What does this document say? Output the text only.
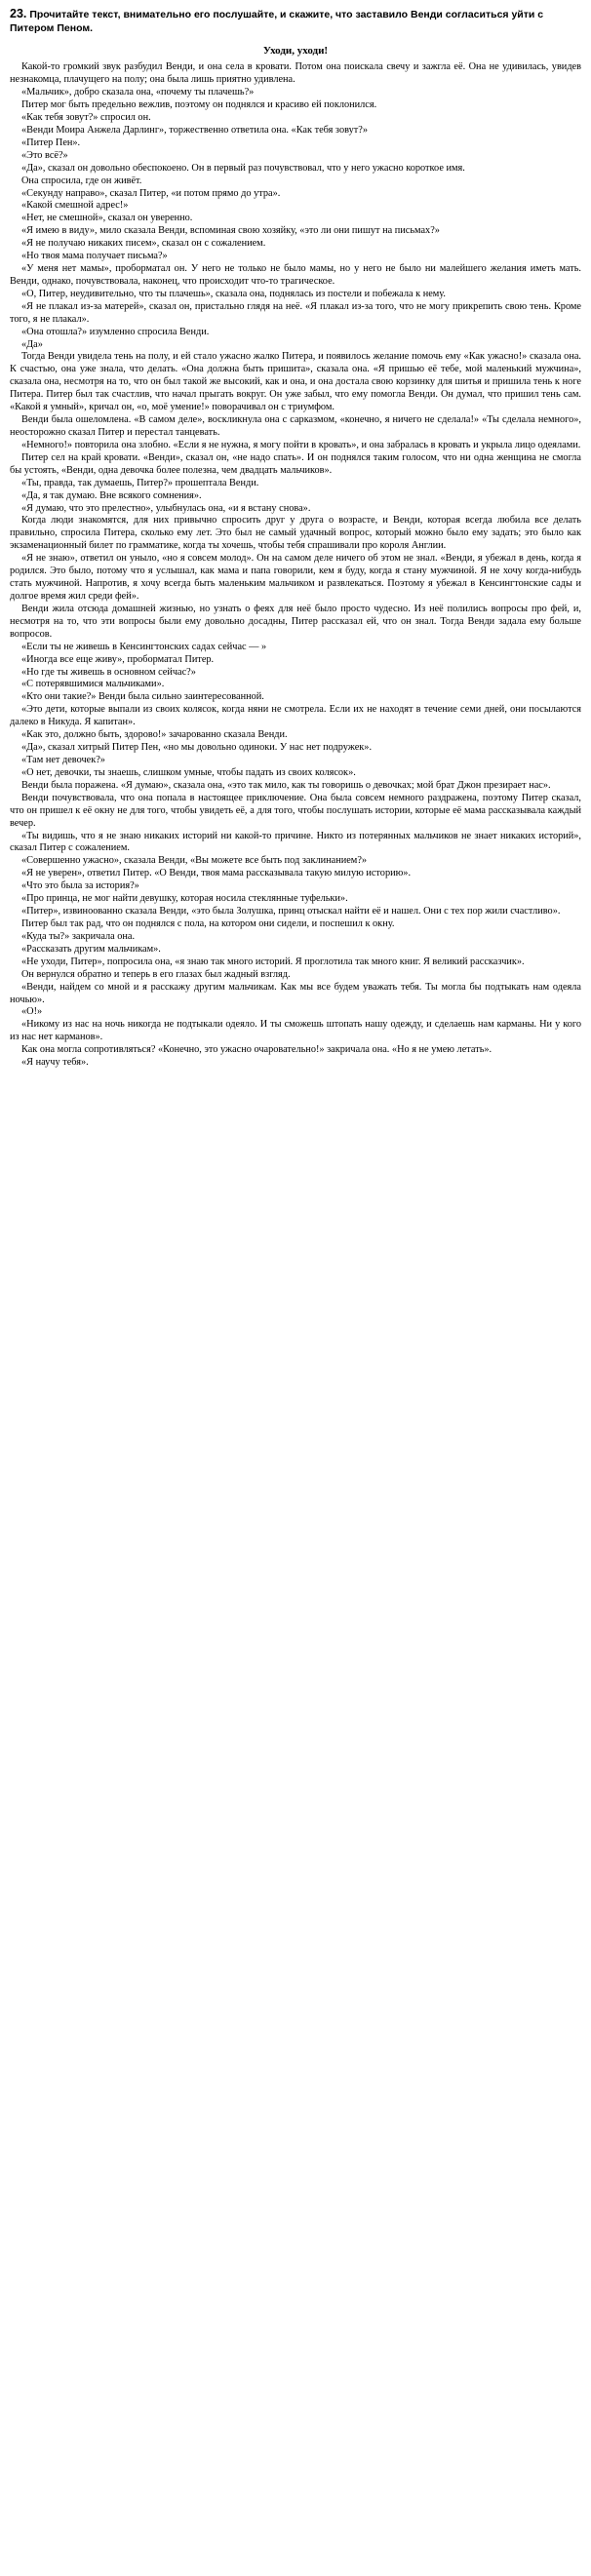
23. Прочитайте текст, внимательно его послушайте, и скажите, что заставило Венди согласиться уйти с Питером Пеном.
Уходи, уходи!

Какой-то громкий звук разбудил Венди, и она села в кровати. Потом она поискала свечу и зажгла её. Она не удивилась, увидев незнакомца, плачущего на полу; она была лишь приятно удивлена.

«Мальчик», добро сказала она, «почему ты плачешь?»

Питер мог быть предельно вежлив, поэтому он поднялся и красиво ей поклонился.

«Как тебя зовут?» спросил он.

«Венди Моира Анжела Дарлинг», торжественно ответила она. «Как тебя зовут?»

«Питер Пен».

«Это всё?»

«Да», сказал он довольно обеспокоено. Он в первый раз почувствовал, что у него ужасно короткое имя.

Она спросила, где он живёт.

«Секунду направо», сказал Питер, «и потом прямо до утра».

«Какой смешной адрес!»

«Нет, не смешной», сказал он уверенно.

«Я имею в виду», мило сказала Венди, вспоминая свою хозяйку, «это ли они пишут на письмах?»

«Я не получаю никаких писем», сказал он с сожалением.

«Но твоя мама получает письма?»

«У меня нет мамы», проборматал он. У него не только не было мамы, но у него не было ни малейшего желания иметь мать. Венди, однако, почувствовала, наконец, что происходит что-то трагическое.

«О, Питер, неудивительно, что ты плачешь», сказала она, поднялась из постели и побежала к нему.

«Я не плакал из-за матерей», сказал он, пристально глядя на неё. «Я плакал из-за того, что не могу прикрепить свою тень. Кроме того, я не плакал».

«Она отошла?» изумленно спросила Венди.

«Да»

Тогда Венди увидела тень на полу, и ей стало ужасно жалко Питера, и появилось желание помочь ему «Как ужасно!» сказала она. К счастью, она уже знала, что делать. «Она должна быть пришита», сказала она. «Я пришью её тебе, мой маленький мужчина», сказала она, несмотря на то, что он был такой же высокий, как и она, и она достала свою корзинку для шитья и пришила тень к ноге Питера. Питер был так счастлив, что начал прыгать вокруг. Он уже забыл, что ему помогла Венди. Он думал, что пришил тень сам. «Какой я умный», кричал он, «о, моё умение!» поворачивал он с триумфом.

Венди была ошеломлена. «В самом деле», воскликнула она с сарказмом, «конечно, я ничего не сделала!» «Ты сделала немного», неосторожно сказал Питер и перестал танцевать.

«Немного!» повторила она злобно. «Если я не нужна, я могу пойти в кровать», и она забралась в кровать и укрыла лицо одеялами.

Питер сел на край кровати. «Венди», сказал он, «не надо спать». И он поднялся таким голосом, что ни одна женщина не смогла бы устоять, «Венди, одна девочка более полезна, чем двадцать мальчиков».

«Ты, правда, так думаешь, Питер?» прошептала Венди.

«Да, я так думаю. Вне всякого сомнения».

«Я думаю, что это прелестно», улыбнулась она, «и я встану снова».

Когда люди знакомятся, для них привычно спросить друг у друга о возрасте, и Венди, которая всегда любила все делать правильно, спросила Питера, сколько ему лет. Это был не самый удачный вопрос, который можно было ему задать; это было как экзаменационный билет по грамматике, когда ты хочешь, чтобы тебя спрашивали про короля Англии.

«Я не знаю», ответил он уныло, «но я совсем молод». Он на самом деле ничего об этом не знал. «Венди, я убежал в день, когда я родился. Это было, потому что я услышал, как мама и папа говорили, кем я буду, когда я стану мужчиной. Я не хочу когда-нибудь стать мужчиной. Напротив, я хочу всегда быть маленьким мальчиком и развлекаться. Поэтому я убежал в Кенсингтонские сады и долгое время жил среди фей».

Венди жила отсюда домашней жизнью, но узнать о феях для неё было просто чудесно. Из неё полились вопросы про фей, и, несмотря на то, что эти вопросы были ему довольно досадны, Питер рассказал ей, что он знал. Тогда Венди задала ему больше вопросов.

«Если ты не живешь в Кенсингтонских садах сейчас — »

«Иногда все еще живу», проборматал Питер.

«Но где ты живешь в основном сейчас?»

«С потерявшимися мальчиками».

«Кто они такие?» Венди была сильно заинтересованной.

«Это дети, которые выпали из своих колясок, когда няни не смотрела. Если их не находят в течение семи дней, они посылаются далеко в Никуда. Я капитан».

«Как это, должно быть, здорово!» зачарованно сказала Венди.

«Да», сказал хитрый Питер Пен, «но мы довольно одиноки. У нас нет подружек».

«Там нет девочек?»

«О нет, девочки, ты знаешь, слишком умные, чтобы падать из своих колясок».

Венди была поражена. «Я думаю», сказала она, «это так мило, как ты говоришь о девочках; мой брат Джон презирает нас».

Венди почувствовала, что она попала в настоящее приключение. Она была совсем немного раздражена, поэтому Питер сказал, что он пришел к её окну не для того, чтобы увидеть её, а для того, чтобы послушать истории, которые её мама рассказывала каждый вечер.

«Ты видишь, что я не знаю никаких историй ни какой-то причине. Никто из потерянных мальчиков не знает никаких историй», сказал Питер с сожалением.

«Совершенно ужасно», сказала Венди, «Вы можете все быть под заклинанием?»

«Я не уверен», ответил Питер. «О Венди, твоя мама рассказывала такую милую историю».

«Что это была за история?»

«Про принца, не мог найти девушку, которая носила стеклянные туфельки».

«Питер», извиноованно сказала Венди, «это была Золушка, принц отыскал найти её и нашел. Они с тех пор жили счастливо».

Питер был так рад, что он поднялся с пола, на котором они сидели, и поспешил к окну.

«Куда ты?» закричала она.

«Рассказать другим мальчикам».

«Не уходи, Питер», попросила она, «я знаю так много историй. Я проглотила так много книг. Я великий рассказчик».

Он вернулся обратно и теперь в его глазах был жадный взгляд.

«Венди, найдем со мной и я расскажу другим мальчикам. Как мы все будем уважать тебя. Ты могла бы подтыкать нам одеяла ночью».

«О!»

«Никому из нас на ночь никогда не подтыкали одеяло. И ты сможешь штопать нашу одежду, и сделаешь нам карманы. Ни у кого из нас нет карманов».

Как она могла сопротивляться? «Конечно, это ужасно очаровательно!» закричала она. «Но я не умею летать».

«Я научу тебя».
